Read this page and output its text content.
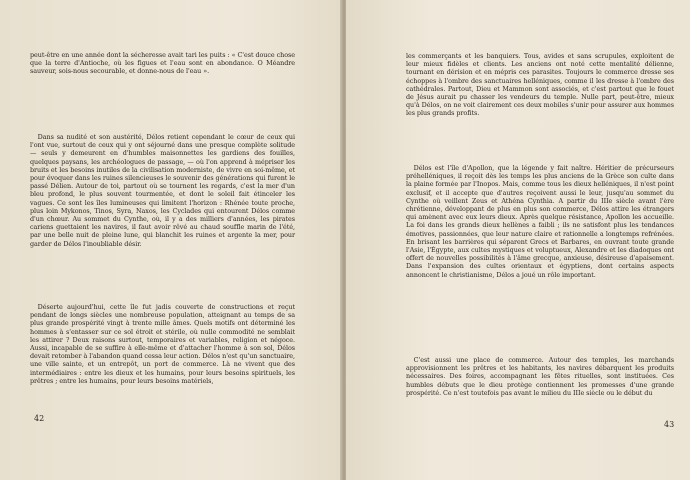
peut-être en une année dont la sécheresse avait tari les puits : « C'est douce chose que la terre d'Antioche, où les figues et l'eau sont en abondance. O Méandre sauveur, sois-nous secourable, et donne-nous de l'eau ».

Dans sa nudité et son austérité, Délos retient cependant le cœur de ceux qui l'ont vue, surtout de ceux qui y ont séjourné dans une presque complète solitude — seuls y demeurent en d'humbles maisonnettes les gardiens des fouilles, quelques paysans, les archéologues de passage, — où l'on apprend à mépriser les bruits et les besoins inutiles de la civilisation moderniste, de vivre en soi-même, et pour évoquer dans les ruines silencieuses le souvenir des générations qui furent le passé Délien. Autour de toi, partout où se tournent les regards, c'est la mer d'un bleu profond, le plus souvent tourmentée, et dont le soleil fait étinceler les vagues. Ce sont les îles lumineuses qui limitent l'horizon : Rhénée toute proche, plus loin Mykonos, Tinos, Syra, Naxos, les Cyclades qui entourent Délos comme d'un chœur. Au sommet du Cynthe, où, il y a des milliers d'années, les pirates cariens guettaient les navires, il faut avoir rêvé au chaud souffle marin de l'été, par une belle nuit de pleine lune, qui blanchit les ruines et argente la mer, pour garder de Délos l'inoubliable désir.

Déserte aujourd'hui, cette île fut jadis couverte de constructions et reçut pendant de longs siècles une nombreuse population, atteignant au temps de sa plus grande prospérité vingt à trente mille âmes. Quels motifs ont déterminé les hommes à s'entasser sur ce sol étroit et stérile, où nulle commodité ne semblait les attirer ? Deux raisons surtout, temporaires et variables, religion et négoce. Aussi, incapable de se suffire à elle-même et d'attacher l'homme à son sol, Délos devait retomber à l'abandon quand cessa leur action. Délos n'est qu'un sanctuaire, une ville sainte, et un entrepôt, un port de commerce. Là ne vivent que des intermédiaires : entre les dieux et les humains, pour leurs besoins spirituels, les prêtres ; entre les humains, pour leurs besoins matériels,

42

les commerçants et les banquiers. Tous, avides et sans scrupules, exploitent de leur mieux fidèles et clients. Les anciens ont noté cette mentalité délienne, tournant en dérision et en mépris ces parasites. Toujours le commerce dresse ses échoppes à l'ombre des sanctuaires helléniques, comme il les dresse à l'ombre des cathédrales. Partout, Dieu et Mammon sont associés, et c'est partout que le fouet de Jésus aurait pu chasser les vendeurs du temple. Nulle part, peut-être, mieux qu'à Délos, on ne voit clairement ces deux mobiles s'unir pour assurer aux hommes les plus grands profits.

Délos est l'île d'Apollon, que la légende y fait naître. Héritier de précurseurs préhelléniques, il reçoit dès les temps les plus anciens de la Grèce son culte dans la plaine formée par l'Inopos. Mais, comme tous les dieux helléniques, il n'est point exclusif, et il accepte que d'autres reçoivent aussi le leur, jusqu'au sommet du Cynthe où veillent Zeus et Athéna Cynthia. A partir du IIIe siècle avant l'ère chrétienne, développant de plus en plus son commerce, Délos attire les étrangers qui amènent avec eux leurs dieux. Après quelque résistance, Apollon les accueille. La foi dans les grands dieux hellènes a faibli ; ils ne satisfont plus les tendances émotives, passionnées, que leur nature claire et rationnelle a longtemps refrénées. En brisant les barrières qui séparent Grecs et Barbares, en ouvrant toute grande l'Asie, l'Égypte, aux cultes mystiques et voluptueux, Alexandre et les diadoques ont offert de nouvelles possibilités à l'âme grecque, anxieuse, désireuse d'apaisement. Dans l'expansion des cultes orientaux et égyptiens, dont certains aspects annoncent le christianisme, Délos a joué un rôle important.

C'est aussi une place de commerce. Autour des temples, les marchands approvisionnent les prêtres et les habitants, les navires débarquent les produits nécessaires. Des foires, accompagnant les fêtes rituelles, sont instituées. Ces humbles débuts que le dieu protège contiennent les promesses d'une grande prospérité. Ce n'est toutefois pas avant le milieu du IIIe siècle ou le début du

43
